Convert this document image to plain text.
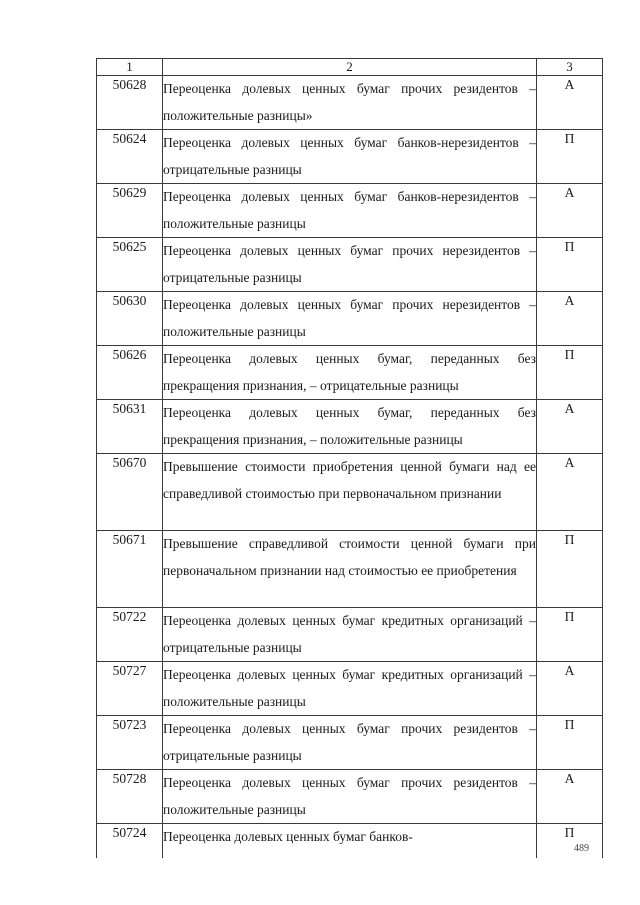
1	2	3
50628	Переоценка долевых ценных бумаг прочих резидентов – положительные разницы»	А
50624	Переоценка долевых ценных бумаг банков-нерезидентов – отрицательные разницы	П
50629	Переоценка долевых ценных бумаг банков-нерезидентов – положительные разницы	А
50625	Переоценка долевых ценных бумаг прочих нерезидентов – отрицательные разницы	П
50630	Переоценка долевых ценных бумаг прочих нерезидентов – положительные разницы	А
50626	Переоценка долевых ценных бумаг, переданных без прекращения признания, – отрицательные разницы	П
50631	Переоценка долевых ценных бумаг, переданных без прекращения признания, – положительные разницы	А
50670	Превышение стоимости приобретения ценной бумаги над ее справедливой стоимостью при первоначальном признании	А
50671	Превышение справедливой стоимости ценной бумаги при первоначальном признании над стоимостью ее приобретения	П
50722	Переоценка долевых ценных бумаг кредитных организаций – отрицательные разницы	П
50727	Переоценка долевых ценных бумаг кредитных организаций – положительные разницы	А
50723	Переоценка долевых ценных бумаг прочих резидентов – отрицательные разницы	П
50728	Переоценка долевых ценных бумаг прочих резидентов – положительные разницы	А
50724	Переоценка долевых ценных бумаг банков-	П
489
